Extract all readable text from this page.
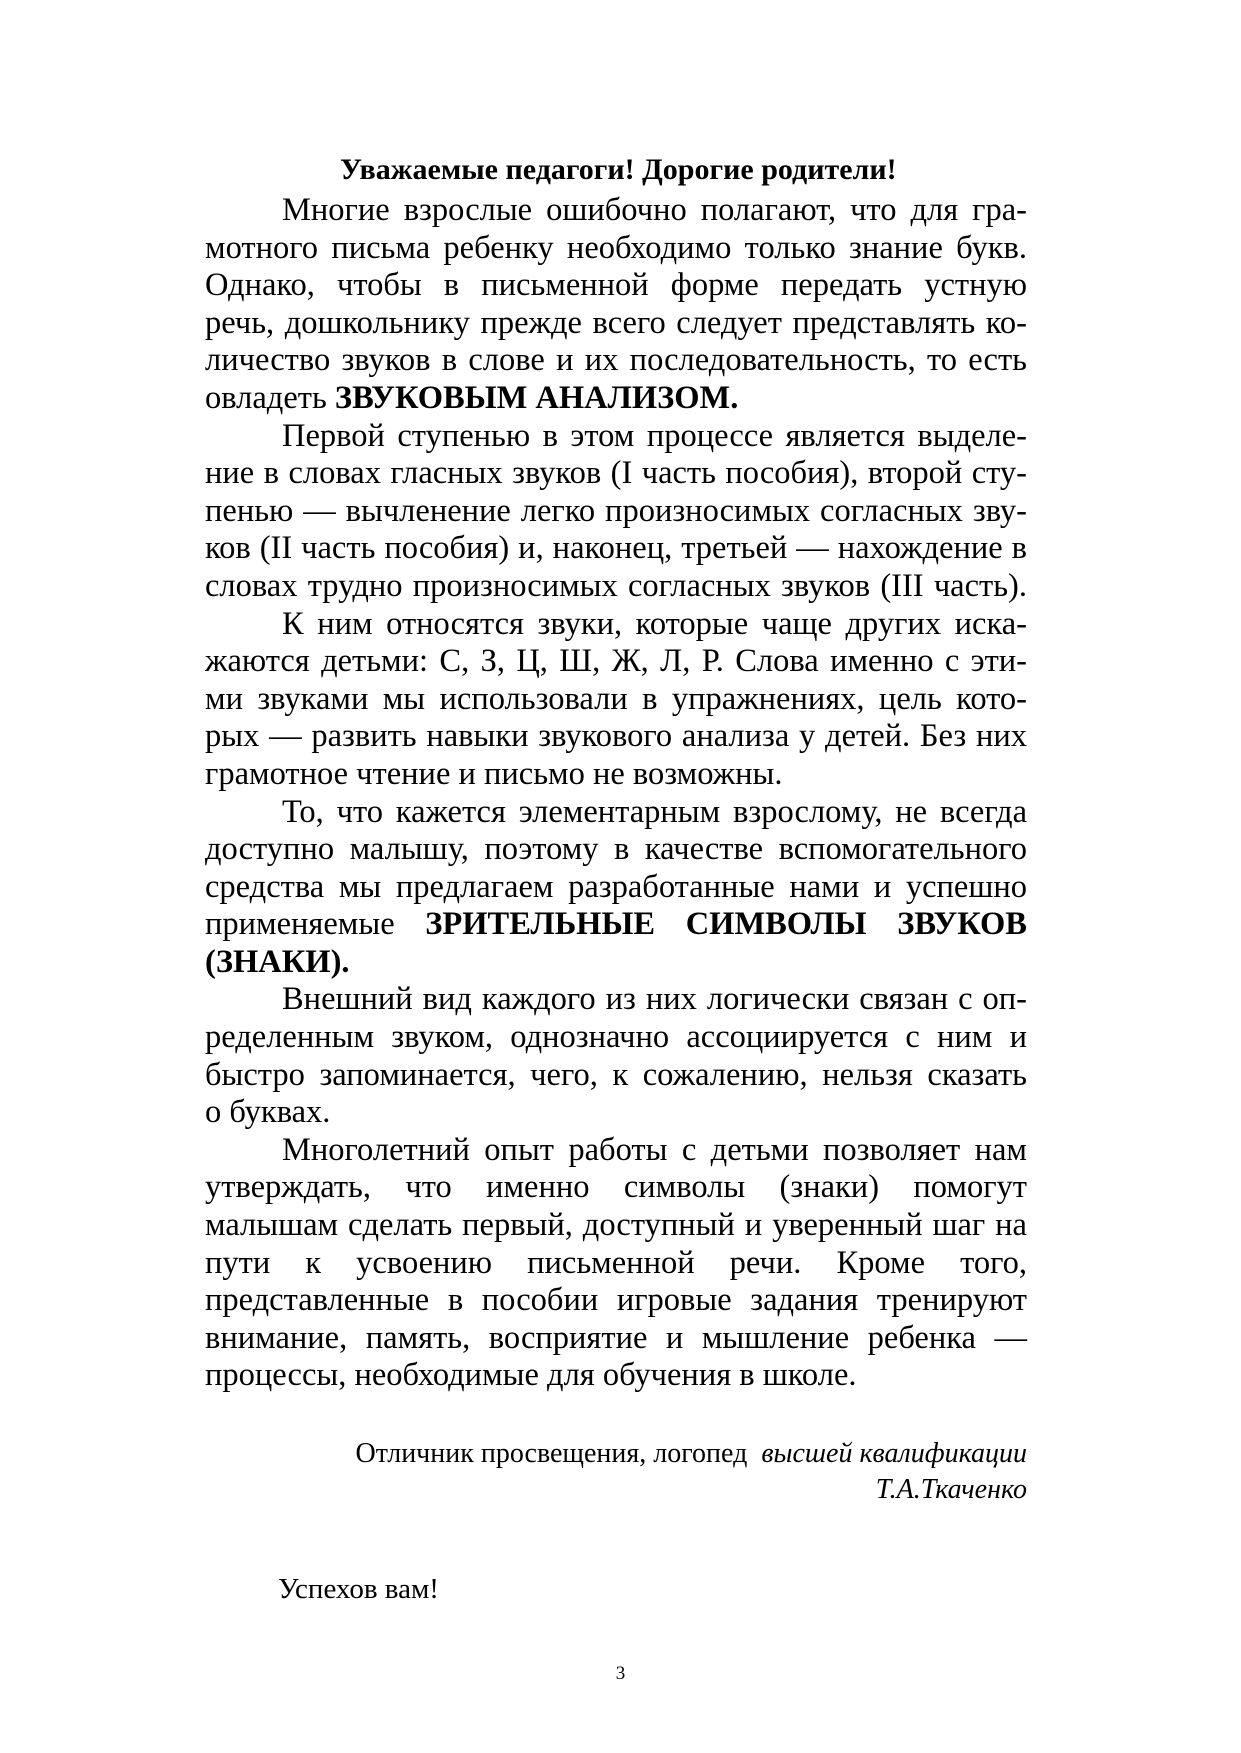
Уважаемые педагоги! Дорогие родители!
Многие взрослые ошибочно полагают, что для гра-
мотного письма ребенку необходимо только знание букв.
Однако, чтобы в письменной форме передать устную
речь, дошкольнику прежде всего следует представлять ко-
личество звуков в слове и их последовательность, то есть
овладеть ЗВУКОВЫМ АНАЛИЗОМ.
Первой ступенью в этом процессе является выделе-
ние в словах гласных звуков (I часть пособия), второй сту-
пенью — вычленение легко произносимых согласных зву-
ков (II часть пособия) и, наконец, третьей — нахождение в
словах трудно произносимых согласных звуков (III часть).
К ним относятся звуки, которые чаще других иска-
жаются детьми: С, З, Ц, Ш, Ж, Л, Р. Слова именно с эти-
ми звуками мы использовали в упражнениях, цель кото-
рых — развить навыки звукового анализа у детей. Без них
грамотное чтение и письмо не возможны.
То, что кажется элементарным взрослому, не всегда
доступно малышу, поэтому в качестве вспомогательного
средства мы предлагаем разработанные нами и успешно
применяемые ЗРИТЕЛЬНЫЕ СИМВОЛЫ ЗВУКОВ
(ЗНАКИ).
Внешний вид каждого из них логически связан с оп-
ределенным звуком, однозначно ассоциируется с ним и
быстро запоминается, чего, к сожалению, нельзя сказать
о буквах.
Многолетний опыт работы с детьми позволяет нам
утверждать, что именно символы (знаки) помогут
малышам сделать первый, доступный и уверенный шаг на
пути к усвоению письменной речи. Кроме того,
представленные в пособии игровые задания тренируют
внимание, память, восприятие и мышление ребенка —
процессы, необходимые для обучения в школе.
Отличник просвещения, логопед высшей квалификации
Т.А.Ткаченко
Успехов вам!
3
